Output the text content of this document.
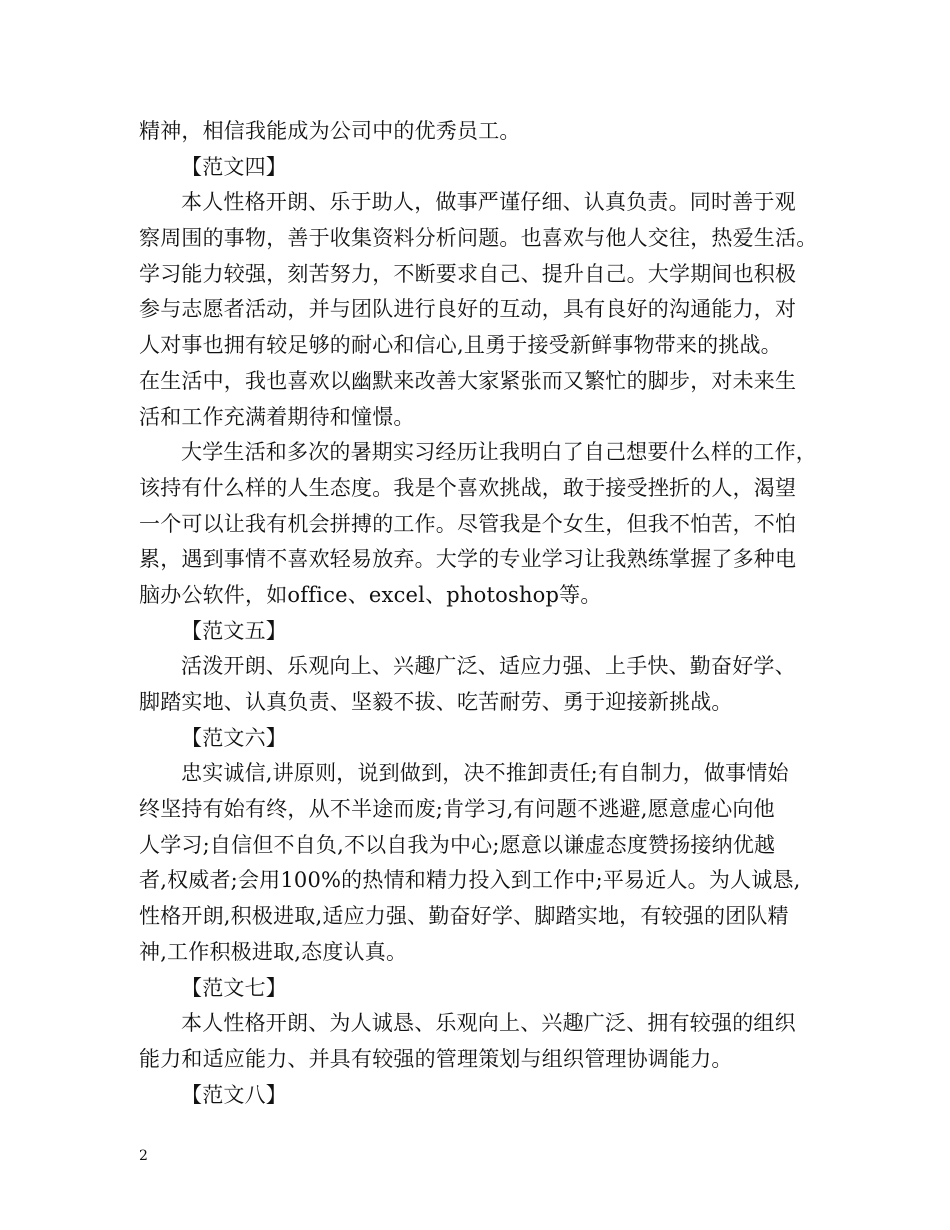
精神，相信我能成为公司中的优秀员工。
【范文四】
本人性格开朗、乐于助人，做事严谨仔细、认真负责。同时善于观
察周围的事物，善于收集资料分析问题。也喜欢与他人交往，热爱生活。
学习能力较强，刻苦努力，不断要求自己、提升自己。大学期间也积极
参与志愿者活动，并与团队进行良好的互动，具有良好的沟通能力，对
人对事也拥有较足够的耐心和信心,且勇于接受新鲜事物带来的挑战。
在生活中，我也喜欢以幽默来改善大家紧张而又繁忙的脚步，对未来生
活和工作充满着期待和憧憬。
大学生活和多次的暑期实习经历让我明白了自己想要什么样的工作，
该持有什么样的人生态度。我是个喜欢挑战，敢于接受挫折的人，渴望
一个可以让我有机会拼搏的工作。尽管我是个女生，但我不怕苦，不怕
累，遇到事情不喜欢轻易放弃。大学的专业学习让我熟练掌握了多种电
脑办公软件，如office、excel、photoshop等。
【范文五】
活泼开朗、乐观向上、兴趣广泛、适应力强、上手快、勤奋好学、
脚踏实地、认真负责、坚毅不拔、吃苦耐劳、勇于迎接新挑战。
【范文六】
忠实诚信,讲原则，说到做到，决不推卸责任;有自制力，做事情始
终坚持有始有终，从不半途而废;肯学习,有问题不逃避,愿意虚心向他
人学习;自信但不自负,不以自我为中心;愿意以谦虚态度赞扬接纳优越
者,权威者;会用100%的热情和精力投入到工作中;平易近人。为人诚恳,
性格开朗,积极进取,适应力强、勤奋好学、脚踏实地，有较强的团队精
神,工作积极进取,态度认真。
【范文七】
本人性格开朗、为人诚恳、乐观向上、兴趣广泛、拥有较强的组织
能力和适应能力、并具有较强的管理策划与组织管理协调能力。
【范文八】
2
